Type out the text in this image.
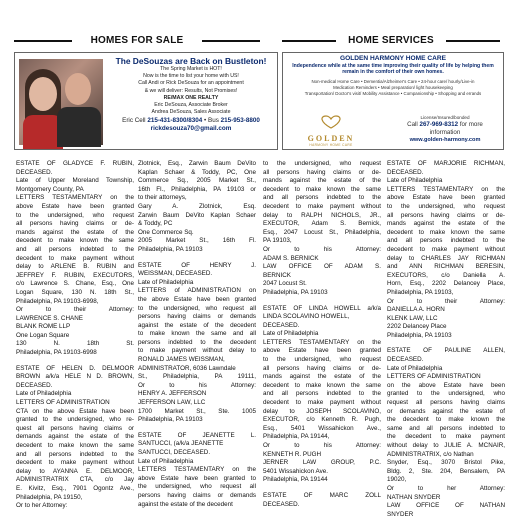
HOMES FOR SALE	HOME SERVICES
The DeSouzas are Back on Bustleton!
The Spring Market is HOT!
Now is the time to list your home with US!
Call Andi or Rick DeSouza for an appointment
& we will deliver: Results, Not Promises!
RE/MAX ONE REALTY
Eric DeSouza, Associate Broker
Andrea DeSouza, Sales Associate
Eric Cell 215-431-8300/8304 • Bus 215-953-8800
rickdesouza70@gmail.com
GOLDEN HARMONY HOME CARE
Independence while at the same time improving their quality of life by helping them remain in the comfort of their own homes.
Non-medical Home Care • Dementia/Alzheimer's Care • 24-hour care/ hourly/Live-in
Medication Reminders • Meal preparation/ light housekeeping
Transportation/ Doctor's visit/ Mobility Assistance • Companionship • Shopping and errands
GOLDEN
HARMONY HOME CARE
License/Insured/bonded
Call 267-969-8312 for more information
www.golden-harmony.com
ESTATE OF GLADYCE F. RUBIN,
DECEASED.
Late of Upper Moreland Township,
Montgomery County, PA
LETTERS TESTAMENTARY on the
above Estate have been granted
to the undersigned, who request
all persons having claims or de-
mands against the estate of the
decedent to make known the same
and all persons indebted to the
decedent to make payment without
delay to ARLENE B. RUBIN and
JEFFREY F. RUBIN, EXECUTORS,
c/o Lawrence S. Chane, Esq., One
Logan Square, 130 N. 18th St.,
Philadelphia, PA 19103-6998,
Or to their Attorney:
LAWRENCE S. CHANE
BLANK ROME LLP
One Logan Square
130 N. 18th St.
Philadelphia, PA 19103-6998
ESTATE OF HELEN D. DELMOOR
BROWN a/k/a HELE N D. BROWN,
DECEASED.
Late of Philadelphia
LETTERS OF ADMINISTRATION
CTA on the above Estate have been
granted to the undersigned, who re-
quest all persons having claims or
demands against the estate of the
decedent to make known the same
and all persons indebted to the
decedent to make payment without
delay to AYANNA E. DELMOOR,
ADMINISTRATRIX CTA, c/o Jay
E. Kivitz, Esq., 7901 Ogontz Ave.,
Philadelphia, PA 19150,
Or to her Attorney:
Zlotnick, Esq., Zarwin Baum DeVito
Kaplan Schaer & Toddy, PC, One
Commerce Sq., 2005 Market St.,
16th Fl., Philadelphia, PA 19103 or
to their attorneys,
Gary A. Zlotnick, Esq.
Zarwin Baum DeVito Kaplan Schaer
& Toddy, PC
One Commerce Sq.
2005 Market St., 16th Fl.
Philadelphia, PA 19103
ESTATE OF HENRY J.
WEISSMAN, DECEASED.
Late of Philadelphia
LETTERS of ADMINISTRATION on
the above Estate have been granted
to the undersigned, who request all
persons having claims or demands
against the estate of the decedent
to make known the same and all
persons indebted to the decedent
to make payment without delay to
RONALD JAMES WEISSMAN,
ADMINISTRATOR, 6036 Lawndale
St., Philadelphia, PA 19111,
Or to his Attorney:
HENRY A. JEFFERSON
JEFFERSON LAW, LLC
1700 Market St., Ste. 1005
Philadelphia, PA 19103
ESTATE OF JEANETTE L.
SANTUCCI, (a/k/a JEANETTE
SANTUCCI, DECEASED.
Late of Philadelphia
LETTERS TESTAMENTARY on the
above Estate have been granted to
the undersigned, who request all
persons having claims or demands
against the estate of the decedent
to the undersigned, who request
all persons having claims or de-
mands against the estate of the
decedent to make known the same
and all persons indebted to the
decedent to make payment without
delay to RALPH NICHOLS, JR.,
EXECUTOR, Adam S. Bernick,
Esq., 2047 Locust St., Philadelphia,
PA 19103,
Or to his Attorney:
ADAM S. BERNICK
LAW OFFICE OF ADAM S.
BERNICK
2047 Locust St.
Philadelphia, PA 19103
ESTATE OF LINDA HOWELL a/k/a
LINDA SCOLAVINO HOWELL,
DECEASED.
Late of Philadelphia
LETTERS TESTAMENTARY on the
above Estate have been granted
to the undersigned, who request
all persons having claims or de-
mands against the estate of the
decedent to make known the same
and all persons indebted to the
decedent to make payment without
delay to JOSEPH SCOLAVINO,
EXECUTOR, c/o Kenneth R. Pugh,
Esq., 5401 Wissahickon Ave.,
Philadelphia, PA 19144,
Or to his Attorney:
KENNETH R. PUGH
JERNER LAW GROUP, P.C.
5401 Wissahickon Ave.
Philadelphia, PA 19144
ESTATE OF MARC ZOLL
DECEASED.
ESTATE OF MARJORIE RICHMAN,
DECEASED.
Late of Philadelphia
LETTERS TESTAMENTARY on the
above Estate have been granted
to the undersigned, who request
all persons having claims or de-
mands against the estate of the
decedent to make known the same
and all persons indebted to the
decedent to make payment without
delay to CHARLES JAY RICHMAN
and ANN RICHMAN BERESIN,
EXECUTORS, c/o Daniella A.
Horn, Esq., 2202 Delancey Place,
Philadelphia, PA 19103,
Or to their Attorney:
DANIELLA A. HORN
KLENK LAW, LLC
2202 Delancey Place
Philadelphia, PA 19103
ESTATE OF PAULINE ALLEN,
DECEASED.
Late of Philadelphia
LETTERS OF ADMINISTRATION
on the above Estate have been
granted to the undersigned, who
request all persons having claims
or demands against the estate of
the decedent to make known the
same and all persons indebted to
the decedent to make payment
without delay to JULIE A. MCNAIR,
ADMINISTRATRIX, c/o Nathan
Snyder, Esq., 3070 Bristol Pike,
Bldg. 2, Ste. 204, Bensalem, PA
19020,
Or to her Attorney:
NATHAN SNYDER
LAW OFFICE OF NATHAN
SNYDER
